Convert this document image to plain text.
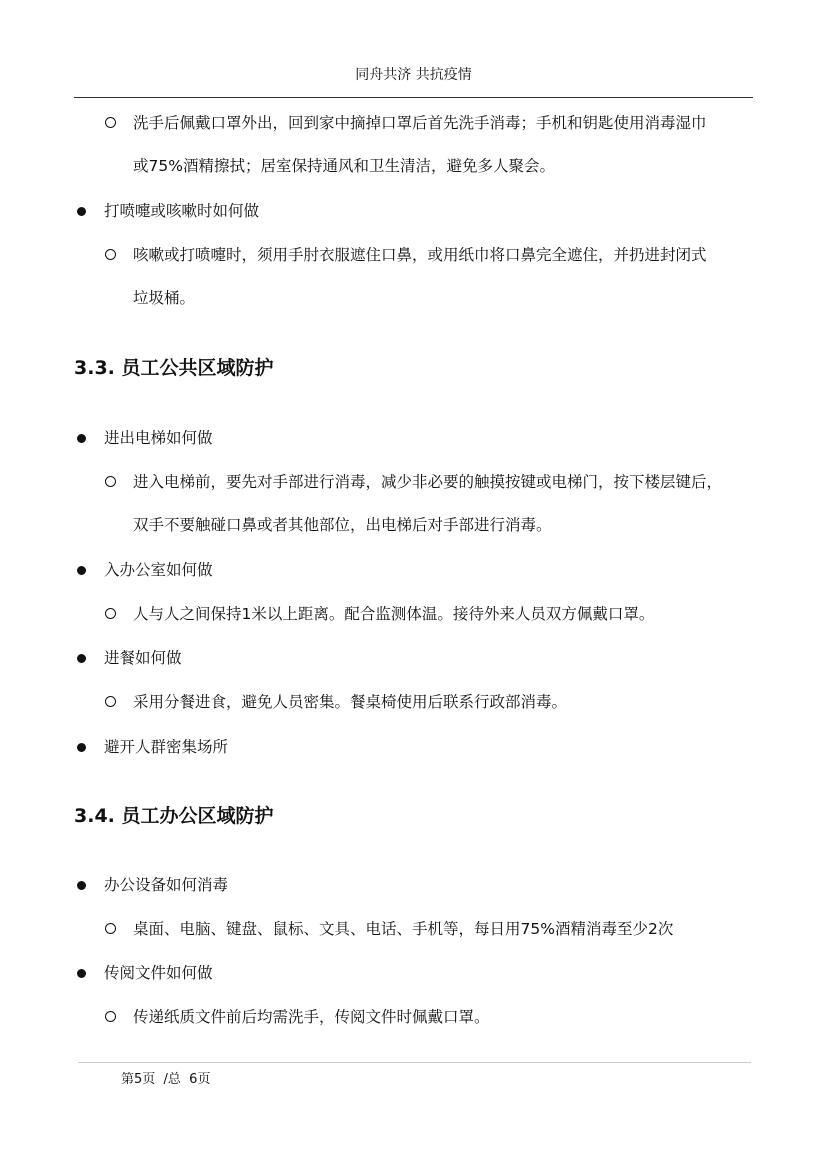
同舟共济 共抗疫情
洗手后佩戴口罩外出，回到家中摘掉口罩后首先洗手消毒；手机和钥匙使用消毒湿巾
或75%酒精擦拭；居室保持通风和卫生清洁，避免多人聚会。
打喷嚏或咳嗽时如何做
咳嗽或打喷嚏时，须用手肘衣服遮住口鼻，或用纸巾将口鼻完全遮住，并扔进封闭式
垃圾桶。
3.3. 员工公共区域防护
进出电梯如何做
进入电梯前，要先对手部进行消毒，减少非必要的触摸按键或电梯门，按下楼层键后，
双手不要触碰口鼻或者其他部位，出电梯后对手部进行消毒。
入办公室如何做
人与人之间保持1米以上距离。配合监测体温。接待外来人员双方佩戴口罩。
进餐如何做
采用分餐进食，避免人员密集。餐桌椅使用后联系行政部消毒。
避开人群密集场所
3.4. 员工办公区域防护
办公设备如何消毒
桌面、电脑、键盘、鼠标、文具、电话、手机等，每日用75%酒精消毒至少2次
传阅文件如何做
传递纸质文件前后均需洗手，传阅文件时佩戴口罩。
第5页  /总  6页
